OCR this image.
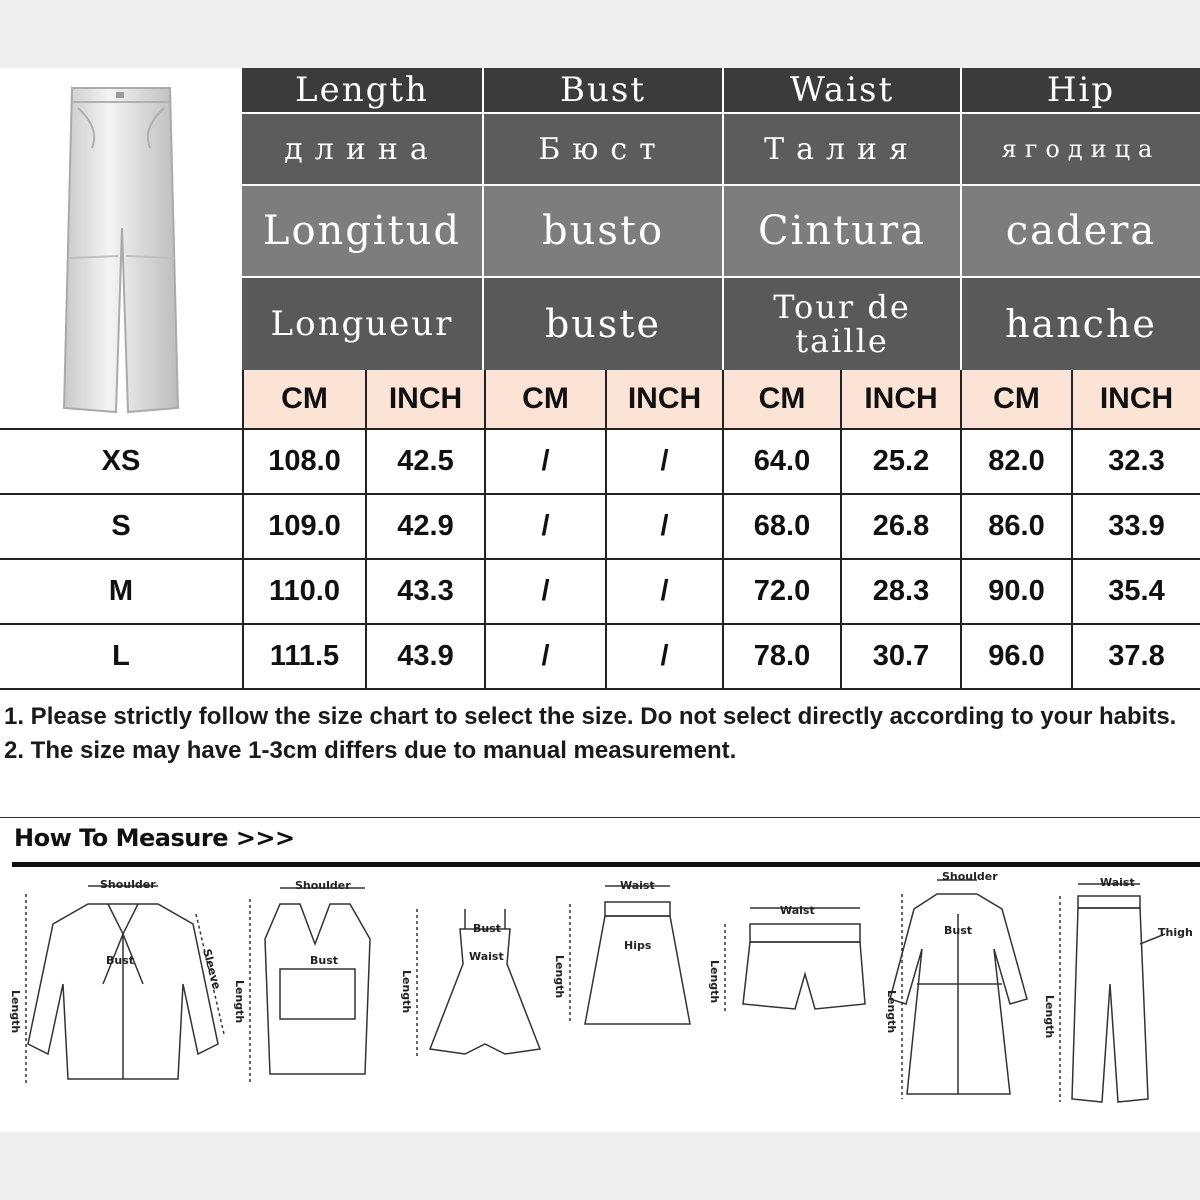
Length	Bust	Waist	Hip
длина	Бюст	Талия	ягодица
Longitud	busto	Cintura	cadera
Longueur	buste	Tour de taille	hanche
CM	INCH	CM	INCH	CM	INCH	CM	INCH
XS	108.0	42.5	/	/	64.0	25.2	82.0	32.3
S	109.0	42.9	/	/	68.0	26.8	86.0	33.9
M	110.0	43.3	/	/	72.0	28.3	90.0	35.4
L	111.5	43.9	/	/	78.0	30.7	96.0	37.8

1. Please strictly follow the size chart to select the size. Do not select directly according to your habits.

2. The size may have 1-3cm differs due to manual measurement.

How To Measure >>>
Shoulder
Bust
Length
Sleeve
Shoulder
Bust
Length
Bust
Waist
Length
Waist
Hips
Length
Waist
Length
Shoulder
Bust
Length
Waist
Thigh
Length
